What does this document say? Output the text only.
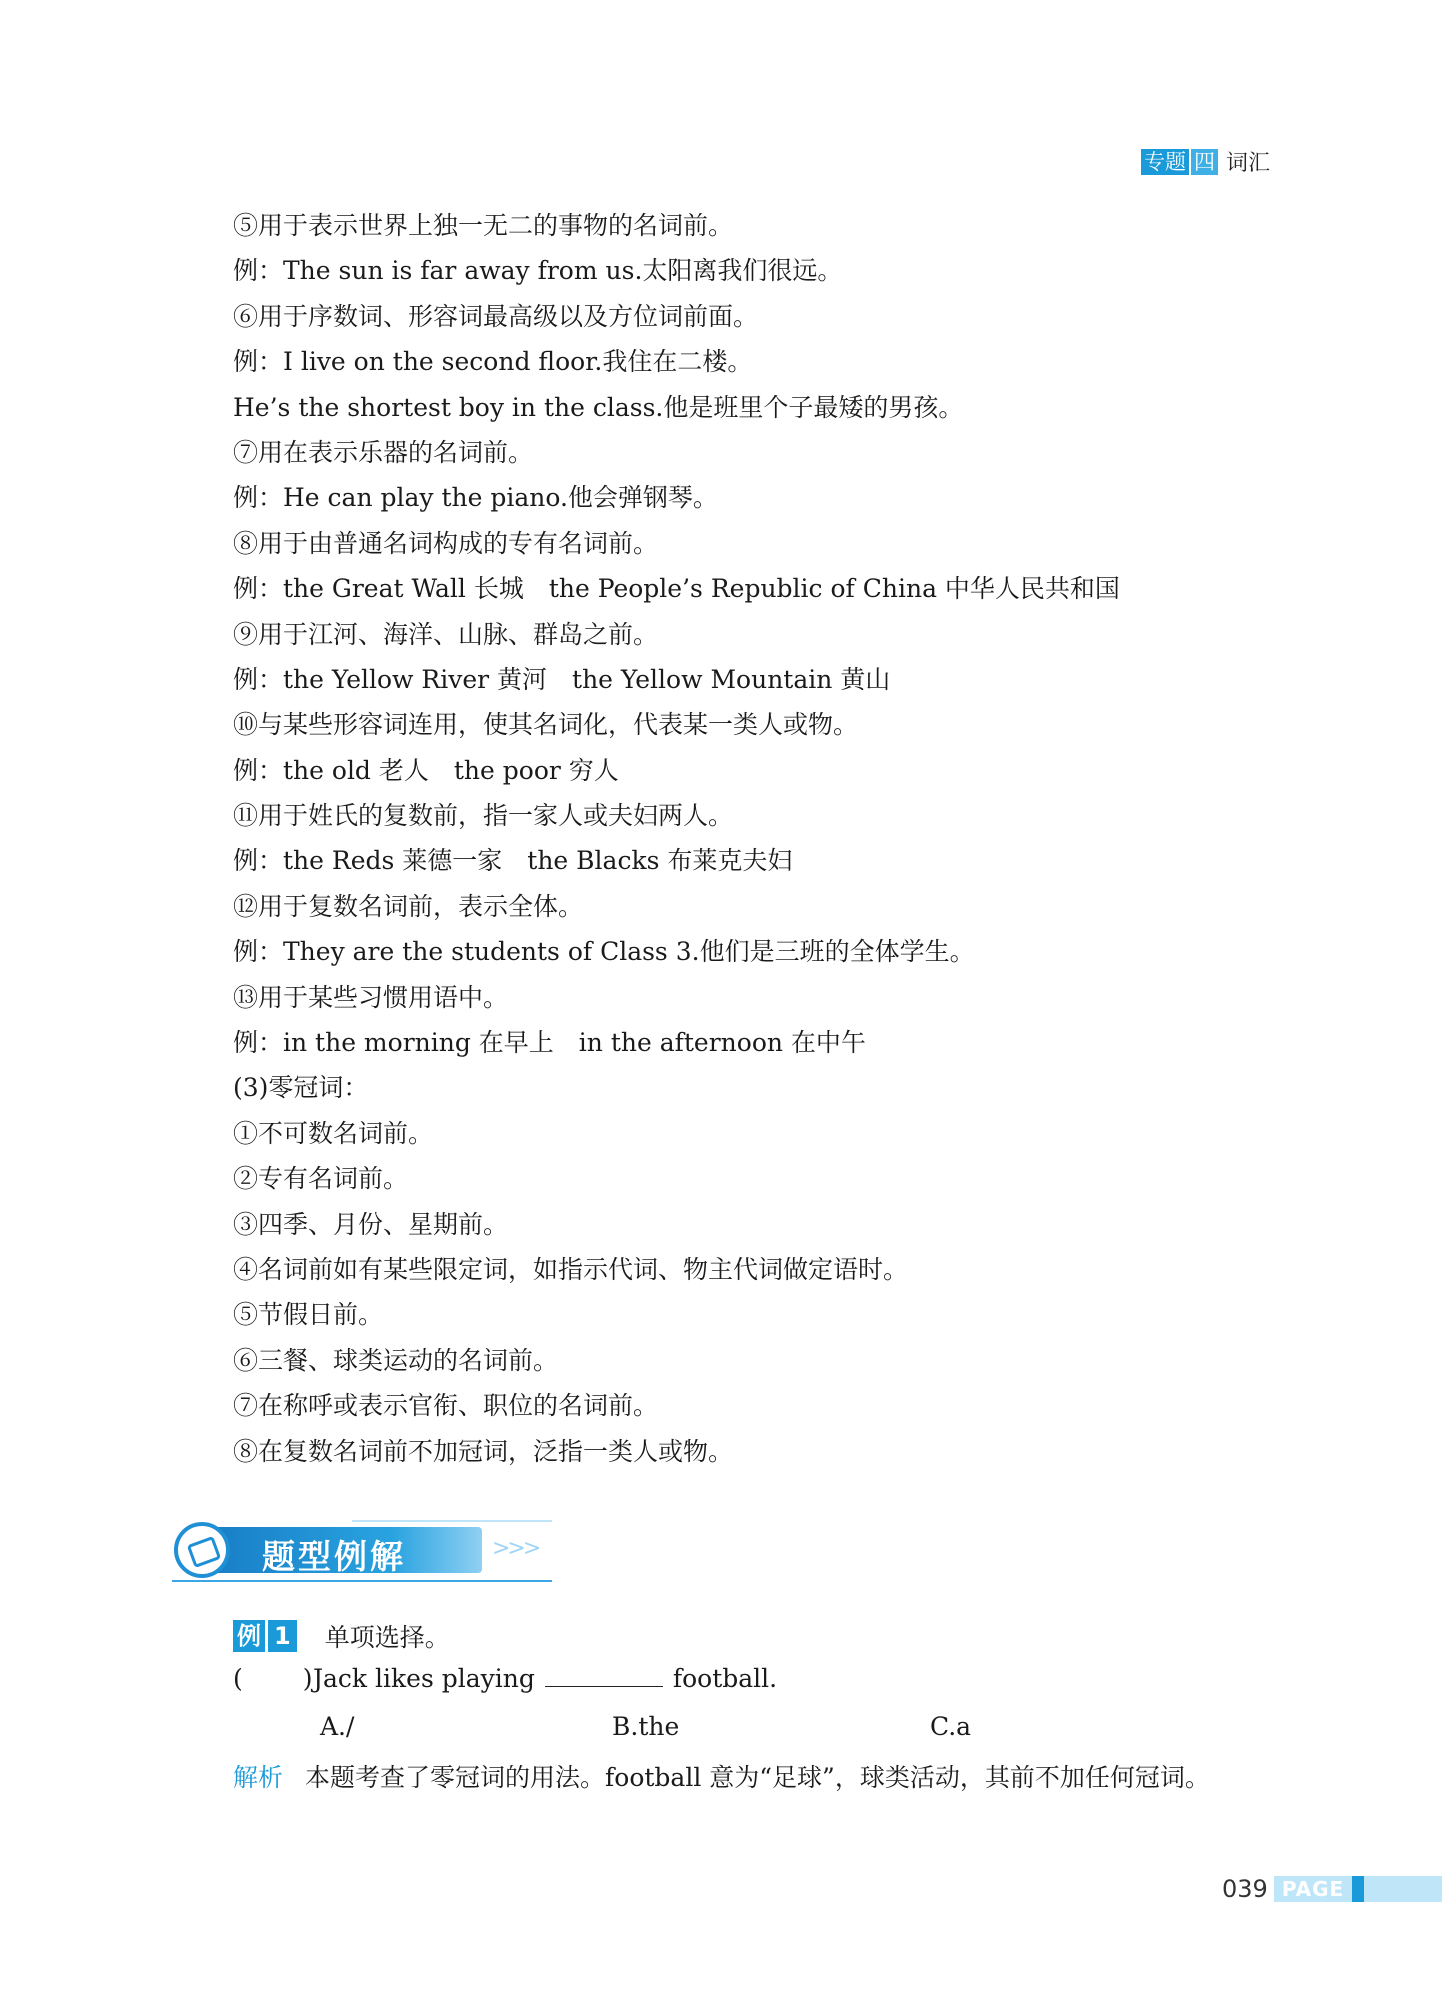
专题 四 词汇
⑤用于表示世界上独一无二的事物的名词前。
例：The sun is far away from us.太阳离我们很远。
⑥用于序数词、形容词最高级以及方位词前面。
例：I live on the second floor.我住在二楼。
He’s the shortest boy in the class.他是班里个子最矮的男孩。
⑦用在表示乐器的名词前。
例：He can play the piano.他会弹钢琴。
⑧用于由普通名词构成的专有名词前。
例：the Great Wall 长城　the People’s Republic of China 中华人民共和国
⑨用于江河、海洋、山脉、群岛之前。
例：the Yellow River 黄河　the Yellow Mountain 黄山
⑩与某些形容词连用，使其名词化，代表某一类人或物。
例：the old 老人　the poor 穷人
⑪用于姓氏的复数前，指一家人或夫妇两人。
例：the Reds 莱德一家　the Blacks 布莱克夫妇
⑫用于复数名词前，表示全体。
例：They are the students of Class 3.他们是三班的全体学生。
⑬用于某些习惯用语中。
例：in the morning 在早上　in the afternoon 在中午
(3)零冠词：
①不可数名词前。
②专有名词前。
③四季、月份、星期前。
④名词前如有某些限定词，如指示代词、物主代词做定语时。
⑤节假日前。
⑥三餐、球类运动的名词前。
⑦在称呼或表示官衔、职位的名词前。
⑧在复数名词前不加冠词，泛指一类人或物。
题型例解	>>>
例 1 单项选择。
( )Jack likes playing	football.
A./	B.the	C.a
解析 本题考查了零冠词的用法。football 意为“足球”，球类活动，其前不加任何冠词。
039 PAGE
